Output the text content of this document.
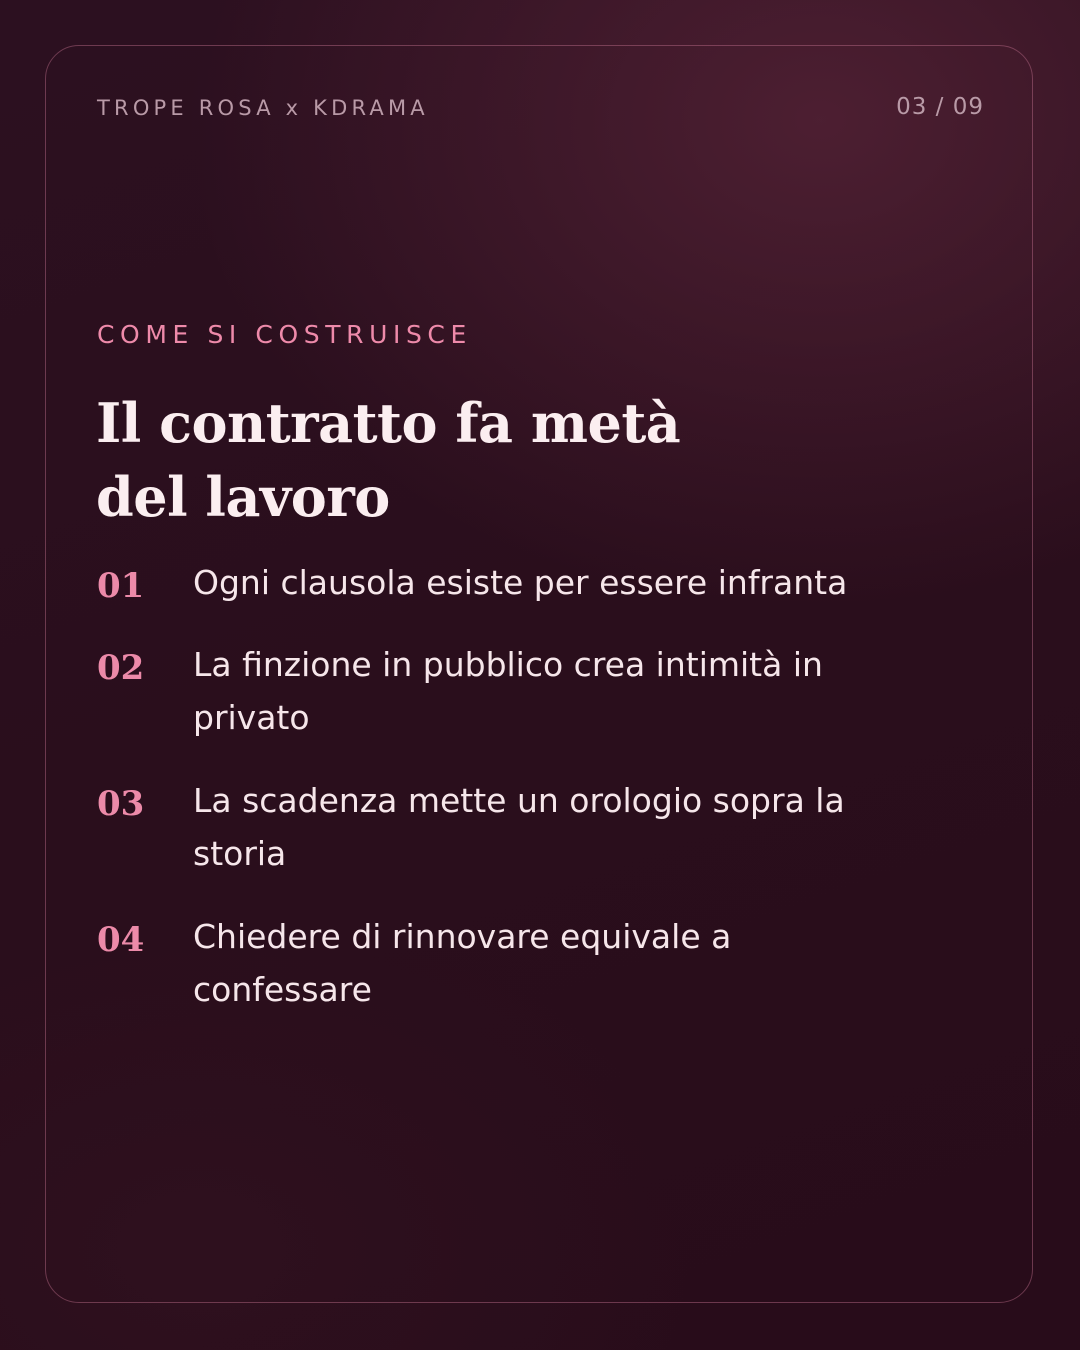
TROPE ROSA x KDRAMA	03 / 09
COME SI COSTRUISCE
Il contratto fa metà
del lavoro
01 Ogni clausola esiste per essere infranta
02 La finzione in pubblico crea intimità in
privato
03 La scadenza mette un orologio sopra la
storia
04 Chiedere di rinnovare equivale a
confessare
